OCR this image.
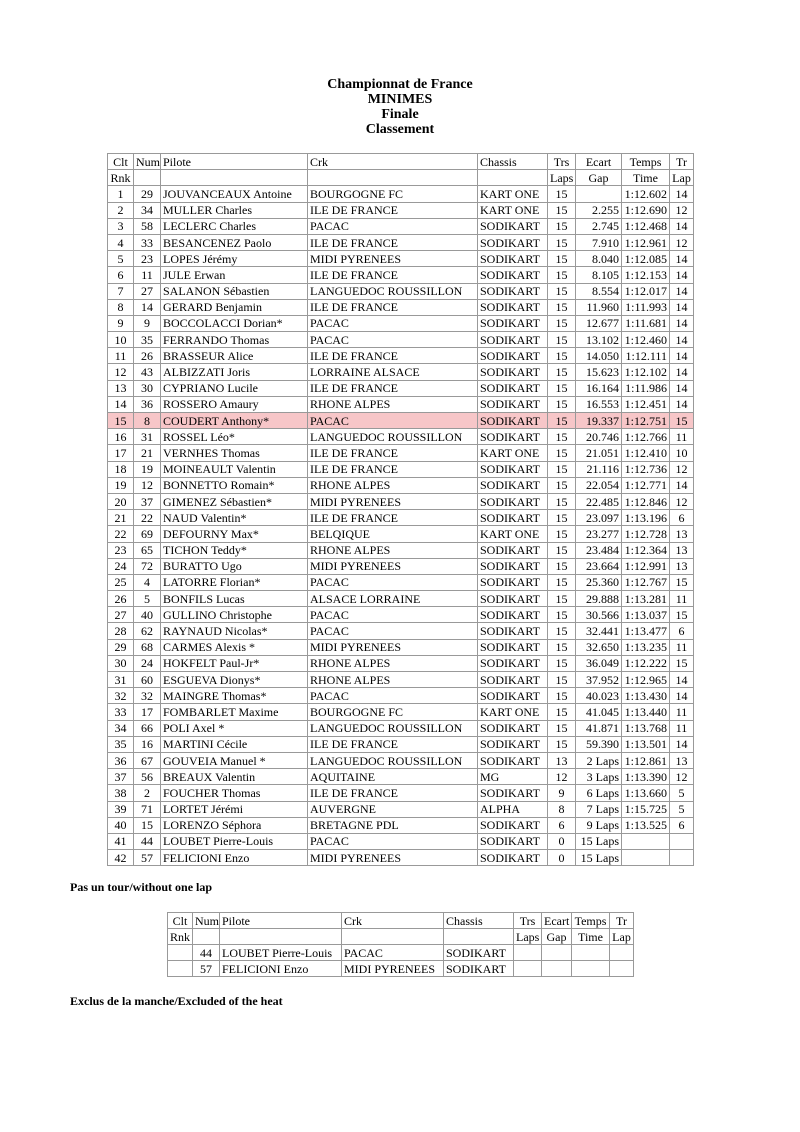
Championnat de France
MINIMES
Finale
Classement
Clt	Num	Pilote	Crk	Chassis	Trs	Ecart	Temps	Tr
Rnk					Laps	Gap	Time	Lap
1	29	JOUVANCEAUX Antoine	BOURGOGNE FC	KART ONE	15		1:12.602	14
2	34	MULLER Charles	ILE DE FRANCE	KART ONE	15	2.255	1:12.690	12
3	58	LECLERC Charles	PACAC	SODIKART	15	2.745	1:12.468	14
4	33	BESANCENEZ Paolo	ILE DE FRANCE	SODIKART	15	7.910	1:12.961	12
5	23	LOPES Jérémy	MIDI PYRENEES	SODIKART	15	8.040	1:12.085	14
6	11	JULE Erwan	ILE DE FRANCE	SODIKART	15	8.105	1:12.153	14
7	27	SALANON Sébastien	LANGUEDOC ROUSSILLON	SODIKART	15	8.554	1:12.017	14
8	14	GERARD Benjamin	ILE DE FRANCE	SODIKART	15	11.960	1:11.993	14
9	9	BOCCOLACCI Dorian*	PACAC	SODIKART	15	12.677	1:11.681	14
10	35	FERRANDO Thomas	PACAC	SODIKART	15	13.102	1:12.460	14
11	26	BRASSEUR Alice	ILE DE FRANCE	SODIKART	15	14.050	1:12.111	14
12	43	ALBIZZATI Joris	LORRAINE ALSACE	SODIKART	15	15.623	1:12.102	14
13	30	CYPRIANO Lucile	ILE DE FRANCE	SODIKART	15	16.164	1:11.986	14
14	36	ROSSERO Amaury	RHONE ALPES	SODIKART	15	16.553	1:12.451	14
15	8	COUDERT Anthony*	PACAC	SODIKART	15	19.337	1:12.751	15
16	31	ROSSEL Léo*	LANGUEDOC ROUSSILLON	SODIKART	15	20.746	1:12.766	11
17	21	VERNHES Thomas	ILE DE FRANCE	KART ONE	15	21.051	1:12.410	10
18	19	MOINEAULT Valentin	ILE DE FRANCE	SODIKART	15	21.116	1:12.736	12
19	12	BONNETTO Romain*	RHONE ALPES	SODIKART	15	22.054	1:12.771	14
20	37	GIMENEZ Sébastien*	MIDI PYRENEES	SODIKART	15	22.485	1:12.846	12
21	22	NAUD Valentin*	ILE DE FRANCE	SODIKART	15	23.097	1:13.196	6
22	69	DEFOURNY Max*	BELQIQUE	KART ONE	15	23.277	1:12.728	13
23	65	TICHON Teddy*	RHONE ALPES	SODIKART	15	23.484	1:12.364	13
24	72	BURATTO Ugo	MIDI PYRENEES	SODIKART	15	23.664	1:12.991	13
25	4	LATORRE Florian*	PACAC	SODIKART	15	25.360	1:12.767	15
26	5	BONFILS Lucas	ALSACE LORRAINE	SODIKART	15	29.888	1:13.281	11
27	40	GULLINO Christophe	PACAC	SODIKART	15	30.566	1:13.037	15
28	62	RAYNAUD Nicolas*	PACAC	SODIKART	15	32.441	1:13.477	6
29	68	CARMES Alexis *	MIDI PYRENEES	SODIKART	15	32.650	1:13.235	11
30	24	HOKFELT Paul-Jr*	RHONE ALPES	SODIKART	15	36.049	1:12.222	15
31	60	ESGUEVA Dionys*	RHONE ALPES	SODIKART	15	37.952	1:12.965	14
32	32	MAINGRE Thomas*	PACAC	SODIKART	15	40.023	1:13.430	14
33	17	FOMBARLET Maxime	BOURGOGNE FC	KART ONE	15	41.045	1:13.440	11
34	66	POLI Axel *	LANGUEDOC ROUSSILLON	SODIKART	15	41.871	1:13.768	11
35	16	MARTINI Cécile	ILE DE FRANCE	SODIKART	15	59.390	1:13.501	14
36	67	GOUVEIA Manuel *	LANGUEDOC ROUSSILLON	SODIKART	13	2 Laps	1:12.861	13
37	56	BREAUX Valentin	AQUITAINE	MG	12	3 Laps	1:13.390	12
38	2	FOUCHER Thomas	ILE DE FRANCE	SODIKART	9	6 Laps	1:13.660	5
39	71	LORTET Jérémi	AUVERGNE	ALPHA	8	7 Laps	1:15.725	5
40	15	LORENZO Séphora	BRETAGNE PDL	SODIKART	6	9 Laps	1:13.525	6
41	44	LOUBET Pierre-Louis	PACAC	SODIKART	0	15 Laps		
42	57	FELICIONI Enzo	MIDI PYRENEES	SODIKART	0	15 Laps		
Pas un tour/without one lap
Clt	Num	Pilote	Crk	Chassis	Trs	Ecart	Temps	Tr
Rnk					Laps	Gap	Time	Lap
	44	LOUBET Pierre-Louis	PACAC	SODIKART				
	57	FELICIONI Enzo	MIDI PYRENEES	SODIKART				
Exclus de la manche/Excluded of the heat
